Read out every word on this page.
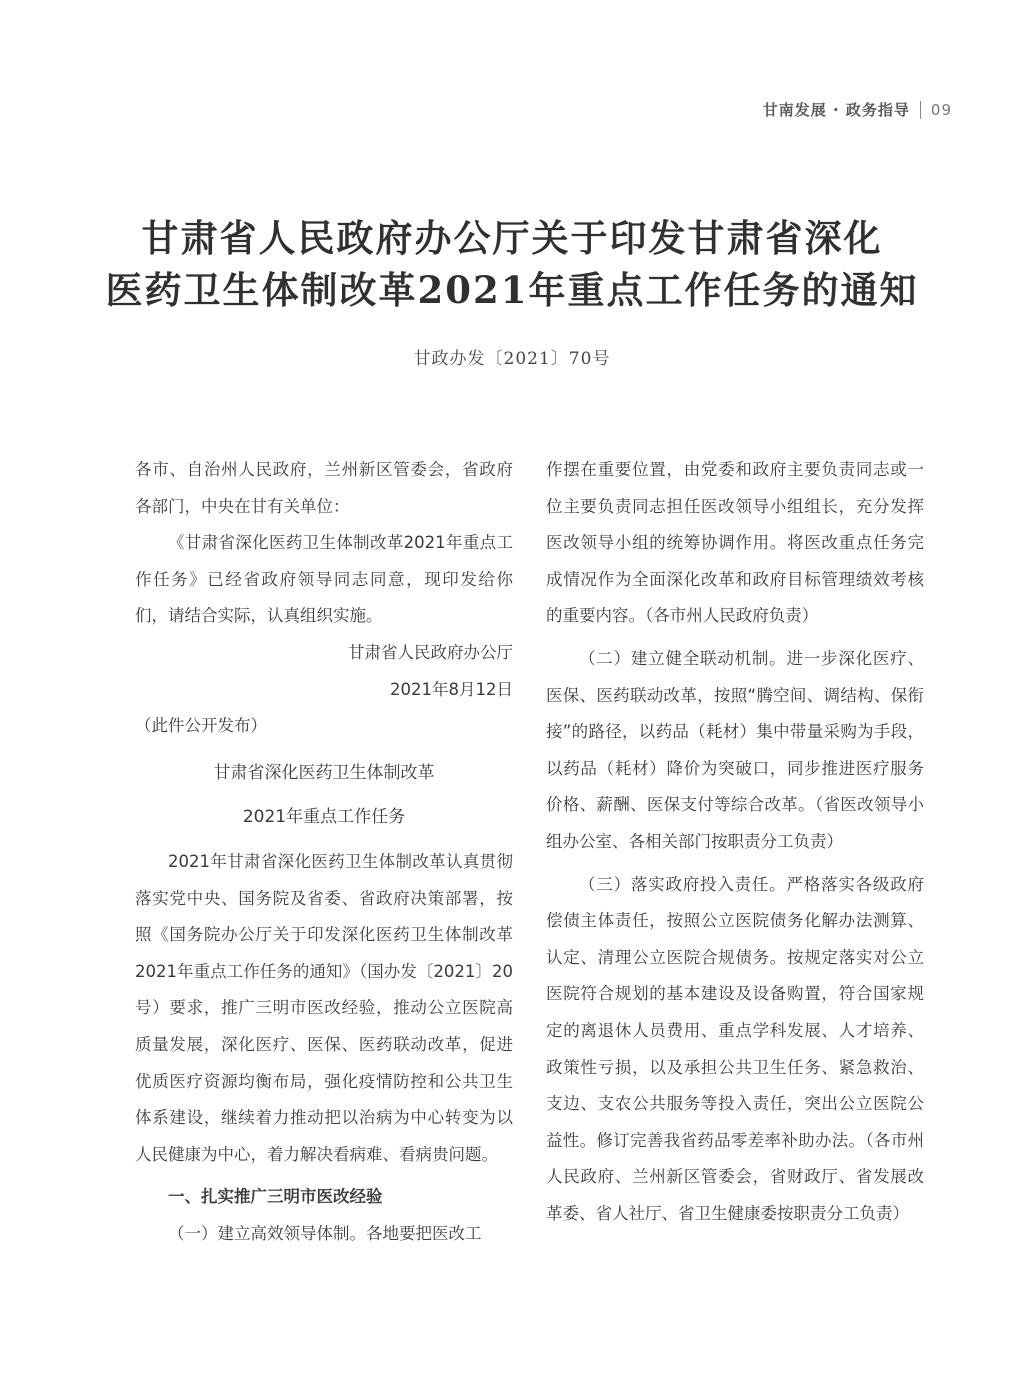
甘南发展 · 政务指导 09
甘肃省人民政府办公厅关于印发甘肃省深化
医药卫生体制改革2021年重点工作任务的通知
甘政办发〔2021〕70号

各市、自治州人民政府，兰州新区管委会，省政府各部门，中央在甘有关单位：

《甘肃省深化医药卫生体制改革2021年重点工作任务》已经省政府领导同志同意，现印发给你们，请结合实际，认真组织实施。

甘肃省人民政府办公厅

2021年8月12日

（此件公开发布）

甘肃省深化医药卫生体制改革

2021年重点工作任务

2021年甘肃省深化医药卫生体制改革认真贯彻落实党中央、国务院及省委、省政府决策部署，按照《国务院办公厅关于印发深化医药卫生体制改革2021年重点工作任务的通知》（国办发〔2021〕20号）要求，推广三明市医改经验，推动公立医院高质量发展，深化医疗、医保、医药联动改革，促进优质医疗资源均衡布局，强化疫情防控和公共卫生体系建设，继续着力推动把以治病为中心转变为以人民健康为中心，着力解决看病难、看病贵问题。

一、扎实推广三明市医改经验

（一）建立高效领导体制。各地要把医改工

作摆在重要位置，由党委和政府主要负责同志或一位主要负责同志担任医改领导小组组长，充分发挥医改领导小组的统筹协调作用。将医改重点任务完成情况作为全面深化改革和政府目标管理绩效考核的重要内容。（各市州人民政府负责）

（二）建立健全联动机制。进一步深化医疗、医保、医药联动改革，按照“腾空间、调结构、保衔接”的路径，以药品（耗材）集中带量采购为手段，以药品（耗材）降价为突破口，同步推进医疗服务价格、薪酬、医保支付等综合改革。（省医改领导小组办公室、各相关部门按职责分工负责）

（三）落实政府投入责任。严格落实各级政府偿债主体责任，按照公立医院债务化解办法测算、认定、清理公立医院合规债务。按规定落实对公立医院符合规划的基本建设及设备购置，符合国家规定的离退休人员费用、重点学科发展、人才培养、政策性亏损，以及承担公共卫生任务、紧急救治、支边、支农公共服务等投入责任，突出公立医院公益性。修订完善我省药品零差率补助办法。（各市州人民政府、兰州新区管委会，省财政厅、省发展改革委、省人社厅、省卫生健康委按职责分工负责）
